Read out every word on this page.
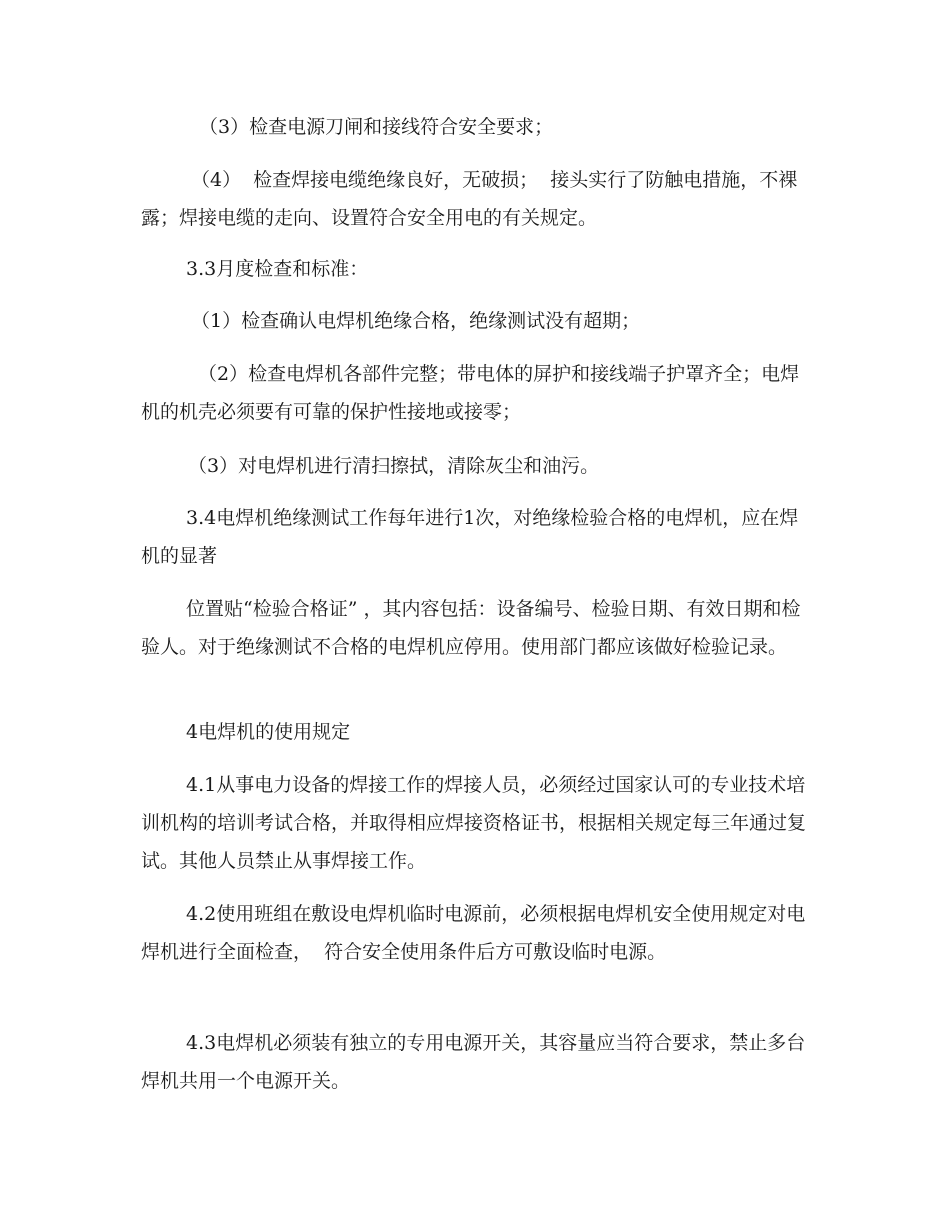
（3）检查电源刀闸和接线符合安全要求；

（4）  检查焊接电缆绝缘良好，无破损；  接头实行了防触电措施，不裸露；焊接电缆的走向、设置符合安全用电的有关规定。

3.3月度检查和标准：

（1）检查确认电焊机绝缘合格，绝缘测试没有超期；

（2）检查电焊机各部件完整；带电体的屏护和接线端子护罩齐全；电焊机的机壳必须要有可靠的保护性接地或接零；

（3）对电焊机进行清扫擦拭，清除灰尘和油污。

3.4电焊机绝缘测试工作每年进行1次，对绝缘检验合格的电焊机，应在焊机的显著

位置贴“检验合格证” ，其内容包括：设备编号、检验日期、有效日期和检验人。对于绝缘测试不合格的电焊机应停用。使用部门都应该做好检验记录。

4电焊机的使用规定

4.1从事电力设备的焊接工作的焊接人员，必须经过国家认可的专业技术培训机构的培训考试合格，并取得相应焊接资格证书，根据相关规定每三年通过复试。其他人员禁止从事焊接工作。

4.2使用班组在敷设电焊机临时电源前，必须根据电焊机安全使用规定对电焊机进行全面检查，  符合安全使用条件后方可敷设临时电源。

4.3电焊机必须装有独立的专用电源开关，其容量应当符合要求，禁止多台焊机共用一个电源开关。
